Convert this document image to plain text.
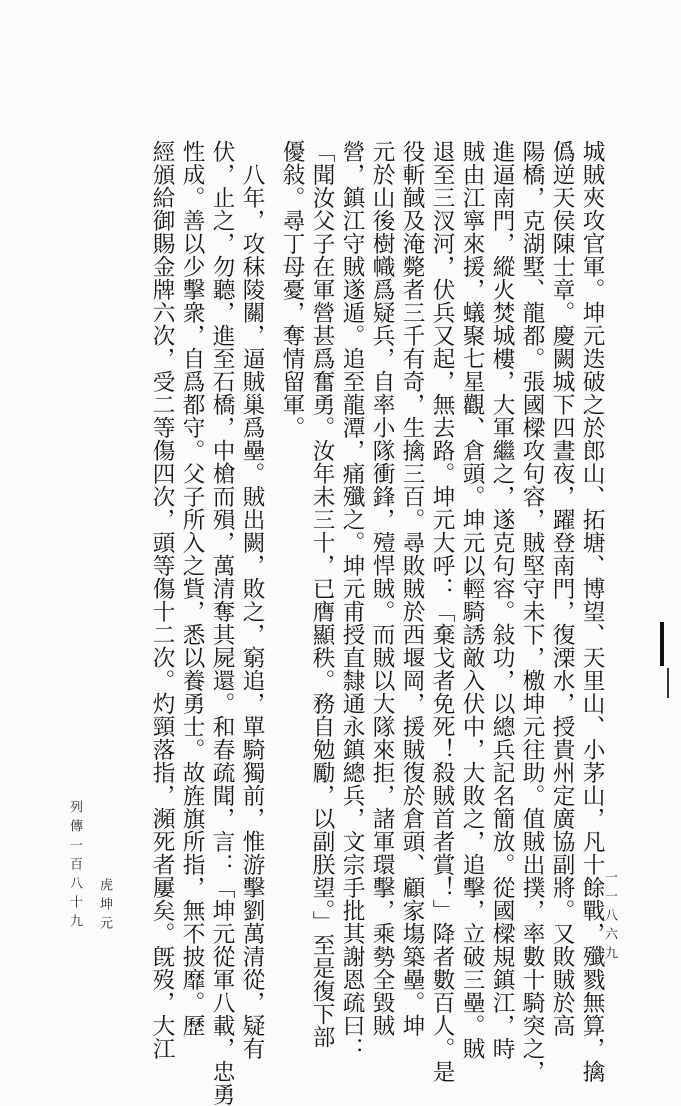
城賊夾攻官軍。坤元迭破之於郎山、拓塘、博望、天里山、小茅山，凡十餘戰，殲戮無算，擒
僞逆天侯陳士章。慶闕城下四晝夜，躍登南門，復溧水，授貴州定廣協副將。又敗賊於高
陽橋，克湖墅、龍都。張國樑攻句容，賊堅守未下，檄坤元往助。值賊出撲，率數十騎突之，
進逼南門，縱火焚城樓，大軍繼之，遂克句容。敍功，以總兵記名簡放。從國樑規鎮江，時
賊由江寧來援，蟻聚七星觀、倉頭。坤元以輕騎誘敵入伏中，大敗之，追擊，立破三壘。賊
退至三汊河，伏兵又起，無去路。坤元大呼：「棄戈者免死！殺賊首者賞！」降者數百人。是
役斬馘及淹斃者三千有奇，生擒三百。尋敗賊於西堰岡，援賊復於倉頭、顧家塲築壘。坤
元於山後樹幟爲疑兵，自率小隊衝鋒，殪悍賊。而賊以大隊來拒，諸軍環擊，乘勢全毀賊
營，鎮江守賊遂遁。追至龍潭，痛殲之。坤元甫授直隸通永鎮總兵，文宗手批其謝恩疏曰：
「聞汝父子在軍營甚爲奮勇。汝年未三十，已膺顯秩。務自勉勵，以副朕望。」至是復下部
優敍。尋丁母憂，奪情留軍。
　八年，攻秣陵關，逼賊巢爲壘。賊出闕，敗之，窮追，單騎獨前，惟游擊劉萬清從，疑有
伏，止之，勿聽，進至石橋，中槍而殞，萬清奪其屍還。和春疏聞，言：「坤元從軍八載，忠勇
性成。善以少擊衆，自爲都守。父子所入之貲，悉以養勇士。故旌旗所指，無不披靡。歷
經頒給御賜金牌六次，受二等傷四次，頭等傷十二次。灼頸落指，瀕死者屢矣。旣歿，大江
列傳一百八十九 虎坤元	一一八六九
